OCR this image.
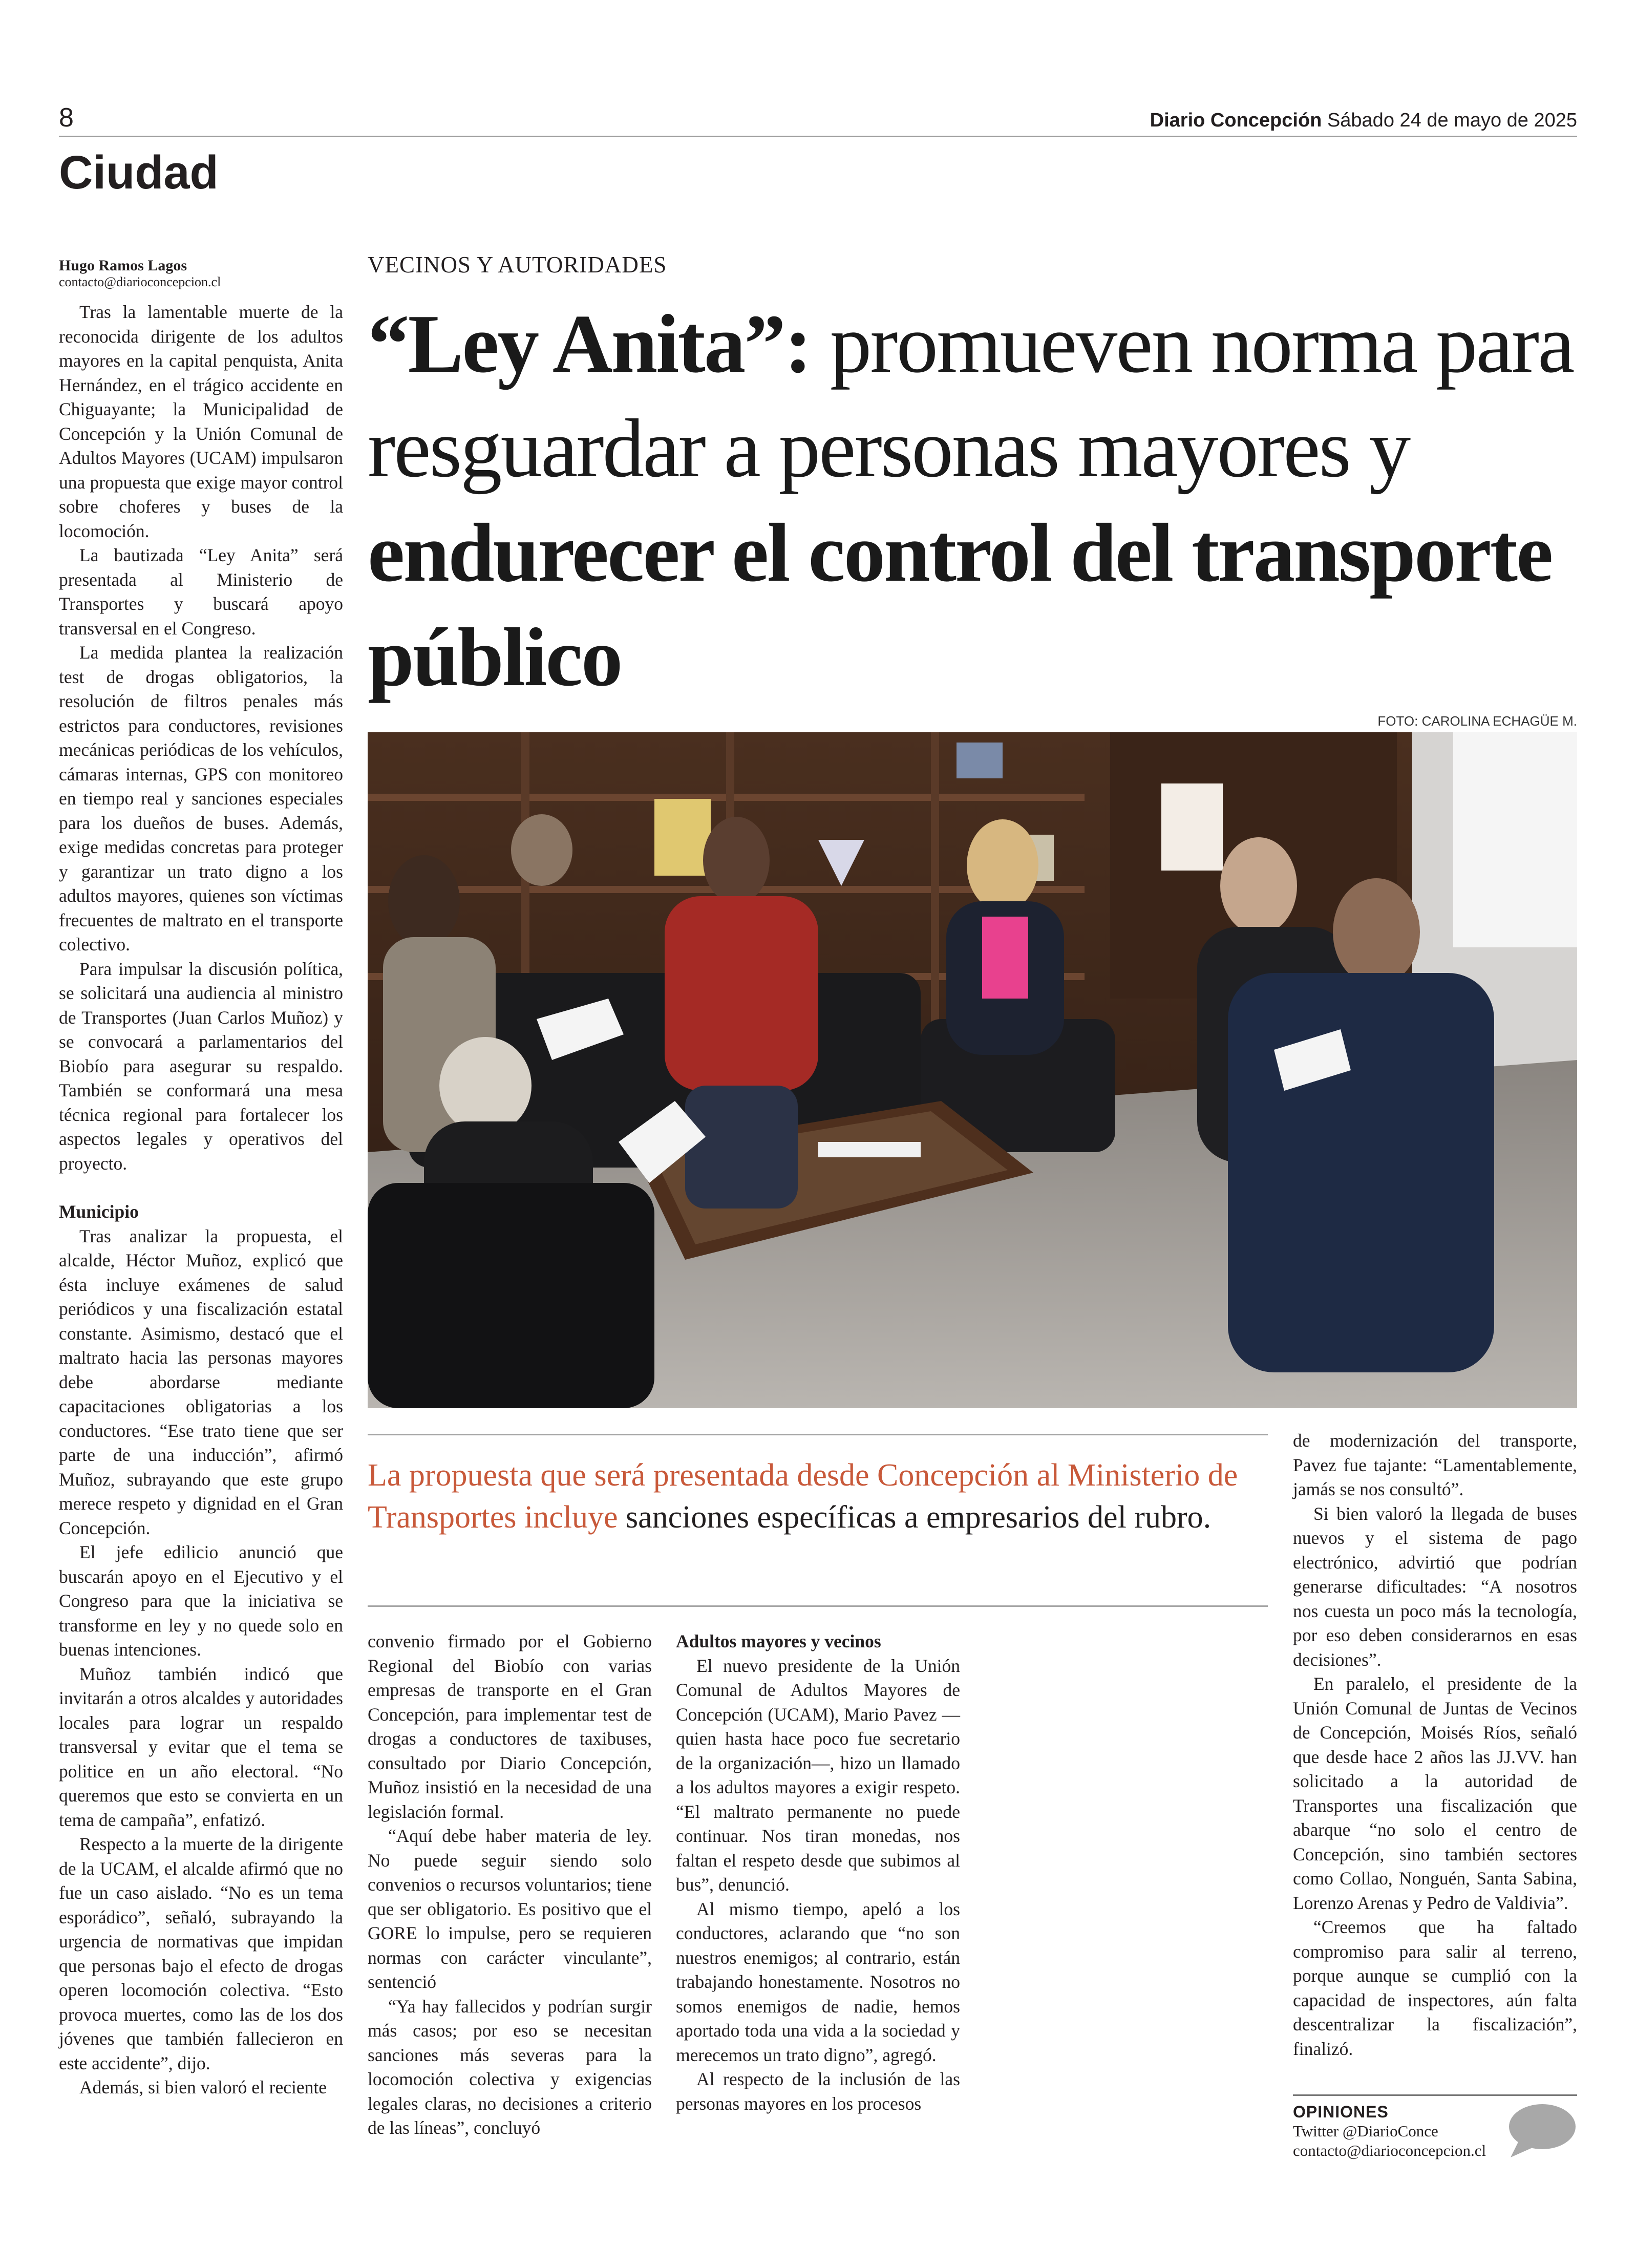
8	Diario Concepción Sábado 24 de mayo de 2025
Ciudad
Hugo Ramos Lagos
contacto@diarioconcepcion.cl
VECINOS Y AUTORIDADES
“Ley Anita”: promueven norma para resguardar a personas mayores y endurecer el control del transporte público
FOTO: CAROLINA ECHAGÜE M.

Tras la lamentable muerte de la reconocida dirigente de los adultos mayores en la capital penquista, Anita Hernández, en el trágico accidente en Chiguayante; la Municipalidad de Concepción y la Unión Comunal de Adultos Mayores (UCAM) impulsaron una propuesta que exige mayor control sobre choferes y buses de la locomoción.

La bautizada “Ley Anita” será presentada al Ministerio de Transportes y buscará apoyo transversal en el Congreso.

La medida plantea la realización test de drogas obligatorios, la resolución de filtros penales más estrictos para conductores, revisiones mecánicas periódicas de los vehículos, cámaras internas, GPS con monitoreo en tiempo real y sanciones especiales para los dueños de buses. Además, exige medidas concretas para proteger y garantizar un trato digno a los adultos mayores, quienes son víctimas frecuentes de maltrato en el transporte colectivo.

Para impulsar la discusión política, se solicitará una audiencia al ministro de Transportes (Juan Carlos Muñoz) y se convocará a parlamentarios del Biobío para asegurar su respaldo. También se conformará una mesa técnica regional para fortalecer los aspectos legales y operativos del proyecto.

Municipio

Tras analizar la propuesta, el alcalde, Héctor Muñoz, explicó que ésta incluye exámenes de salud periódicos y una fiscalización estatal constante. Asimismo, destacó que el maltrato hacia las personas mayores debe abordarse mediante capacitaciones obligatorias a los conductores. “Ese trato tiene que ser parte de una inducción”, afirmó Muñoz, subrayando que este grupo merece respeto y dignidad en el Gran Concepción.

El jefe edilicio anunció que buscarán apoyo en el Ejecutivo y el Congreso para que la iniciativa se transforme en ley y no quede solo en buenas intenciones.

Muñoz también indicó que invitarán a otros alcaldes y autoridades locales para lograr un respaldo transversal y evitar que el tema se politice en un año electoral. “No queremos que esto se convierta en un tema de campaña”, enfatizó.

Respecto a la muerte de la dirigente de la UCAM, el alcalde afirmó que no fue un caso aislado. “No es un tema esporádico”, señaló, subrayando la urgencia de normativas que impidan que personas bajo el efecto de drogas operen locomoción colectiva. “Esto provoca muertes, como las de los dos jóvenes que también fallecieron en este accidente”, dijo.

Además, si bien valoró el reciente

La propuesta que será presentada desde Concepción al Ministerio de Transportes incluye sanciones específicas a empresarios del rubro.

convenio firmado por el Gobierno Regional del Biobío con varias empresas de transporte en el Gran Concepción, para implementar test de drogas a conductores de taxibuses, consultado por Diario Concepción, Muñoz insistió en la necesidad de una legislación formal.

“Aquí debe haber materia de ley. No puede seguir siendo solo convenios o recursos voluntarios; tiene que ser obligatorio. Es positivo que el GORE lo impulse, pero se requieren normas con carácter vinculante”, sentenció

“Ya hay fallecidos y podrían surgir más casos; por eso se necesitan sanciones más severas para la locomoción colectiva y exigencias legales claras, no decisiones a criterio de las líneas”, concluyó

Adultos mayores y vecinos

El nuevo presidente de la Unión Comunal de Adultos Mayores de Concepción (UCAM), Mario Pavez —quien hasta hace poco fue secretario de la organización—, hizo un llamado a los adultos mayores a exigir respeto. “El maltrato permanente no puede continuar. Nos tiran monedas, nos faltan el respeto desde que subimos al bus”, denunció.

Al mismo tiempo, apeló a los conductores, aclarando que “no son nuestros enemigos; al contrario, están trabajando honestamente. Nosotros no somos enemigos de nadie, hemos aportado toda una vida a la sociedad y merecemos un trato digno”, agregó.

Al respecto de la inclusión de las personas mayores en los procesos

de modernización del transporte, Pavez fue tajante: “Lamentablemente, jamás se nos consultó”.

Si bien valoró la llegada de buses nuevos y el sistema de pago electrónico, advirtió que podrían generarse dificultades: “A nosotros nos cuesta un poco más la tecnología, por eso deben considerarnos en esas decisiones”.

En paralelo, el presidente de la Unión Comunal de Juntas de Vecinos de Concepción, Moisés Ríos, señaló que desde hace 2 años las JJ.VV. han solicitado a la autoridad de Transportes una fiscalización que abarque “no solo el centro de Concepción, sino también sectores como Collao, Nonguén, Santa Sabina, Lorenzo Arenas y Pedro de Valdivia”.

“Creemos que ha faltado compromiso para salir al terreno, porque aunque se cumplió con la capacidad de inspectores, aún falta descentralizar la fiscalización”, finalizó.

OPINIONES
Twitter @DiarioConce
contacto@diarioconcepcion.cl
